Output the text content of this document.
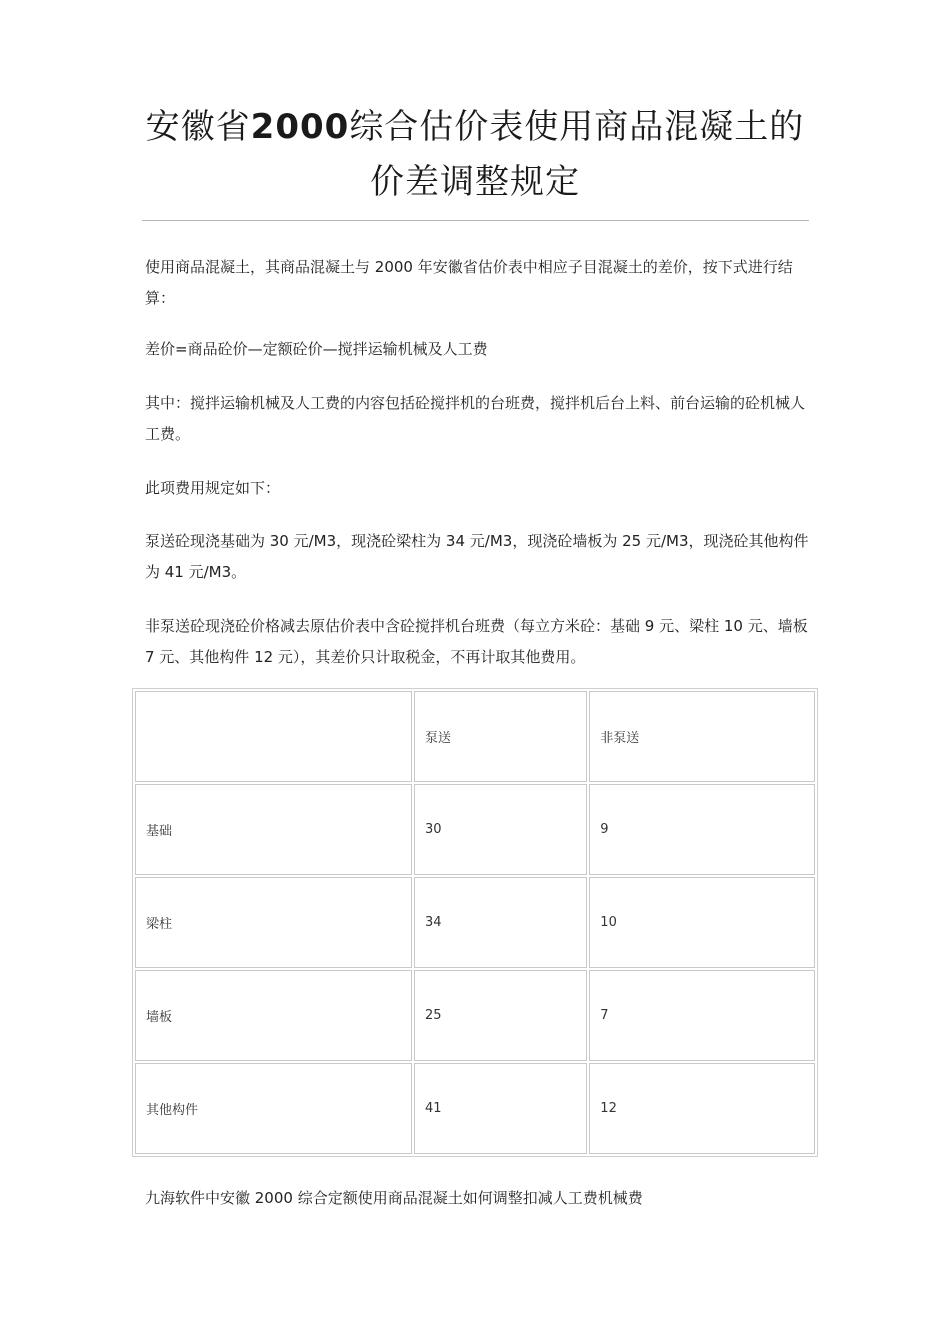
安徽省2000综合估价表使用商品混凝土的
价差调整规定
使用商品混凝土，其商品混凝土与 2000 年安徽省估价表中相应子目混凝土的差价，按下式进行结算：
差价=商品砼价—定额砼价—搅拌运输机械及人工费
其中：搅拌运输机械及人工费的内容包括砼搅拌机的台班费，搅拌机后台上料、前台运输的砼机械人工费。
此项费用规定如下：
泵送砼现浇基础为 30 元/M3，现浇砼梁柱为 34 元/M3，现浇砼墙板为 25 元/M3，现浇砼其他构件为 41 元/M3。
非泵送砼现浇砼价格减去原估价表中含砼搅拌机台班费（每立方米砼：基础 9 元、梁柱 10 元、墙板 7 元、其他构件 12 元），其差价只计取税金，不再计取其他费用。
	泵送	非泵送
基础	30	9
梁柱	34	10
墙板	25	7
其他构件	41	12
九海软件中安徽 2000 综合定额使用商品混凝土如何调整扣减人工费机械费
